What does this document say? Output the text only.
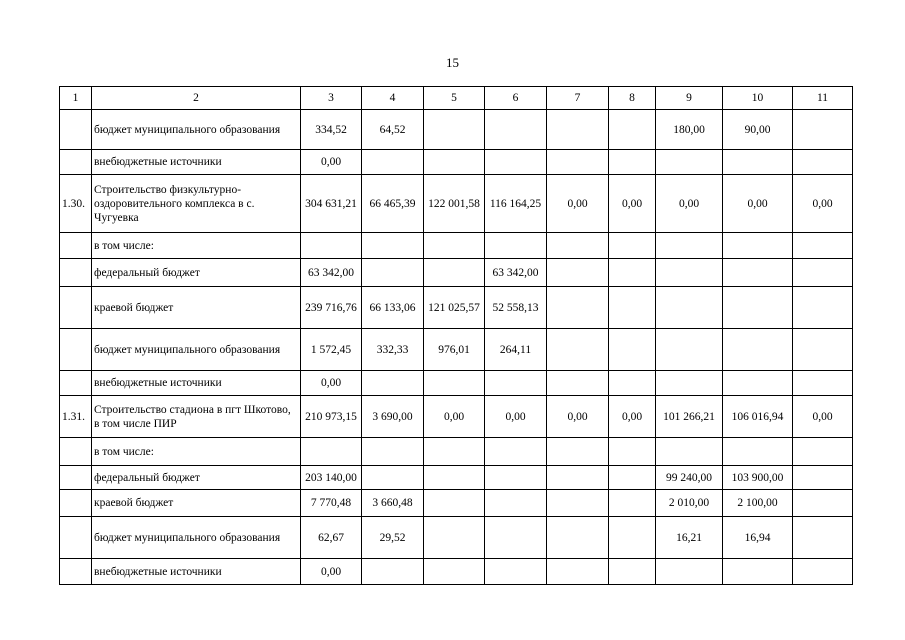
15
1	2	3	4	5	6	7	8	9	10	11
	бюджет муниципального образования	334,52	64,52					180,00	90,00	
	внебюджетные источники	0,00								
1.30.	Строительство физкультурно-оздоровительного комплекса в с. Чугуевка	304 631,21	66 465,39	122 001,58	116 164,25	0,00	0,00	0,00	0,00	0,00
	в том числе:									
	федеральный бюджет	63 342,00			63 342,00					
	краевой бюджет	239 716,76	66 133,06	121 025,57	52 558,13					
	бюджет муниципального образования	1 572,45	332,33	976,01	264,11					
	внебюджетные источники	0,00								
1.31.	Строительство стадиона в пгт Шкотово, в том числе ПИР	210 973,15	3 690,00	0,00	0,00	0,00	0,00	101 266,21	106 016,94	0,00
	в том числе:									
	федеральный бюджет	203 140,00						99 240,00	103 900,00	
	краевой бюджет	7 770,48	3 660,48					2 010,00	2 100,00	
	бюджет муниципального образования	62,67	29,52					16,21	16,94	
	внебюджетные источники	0,00								
